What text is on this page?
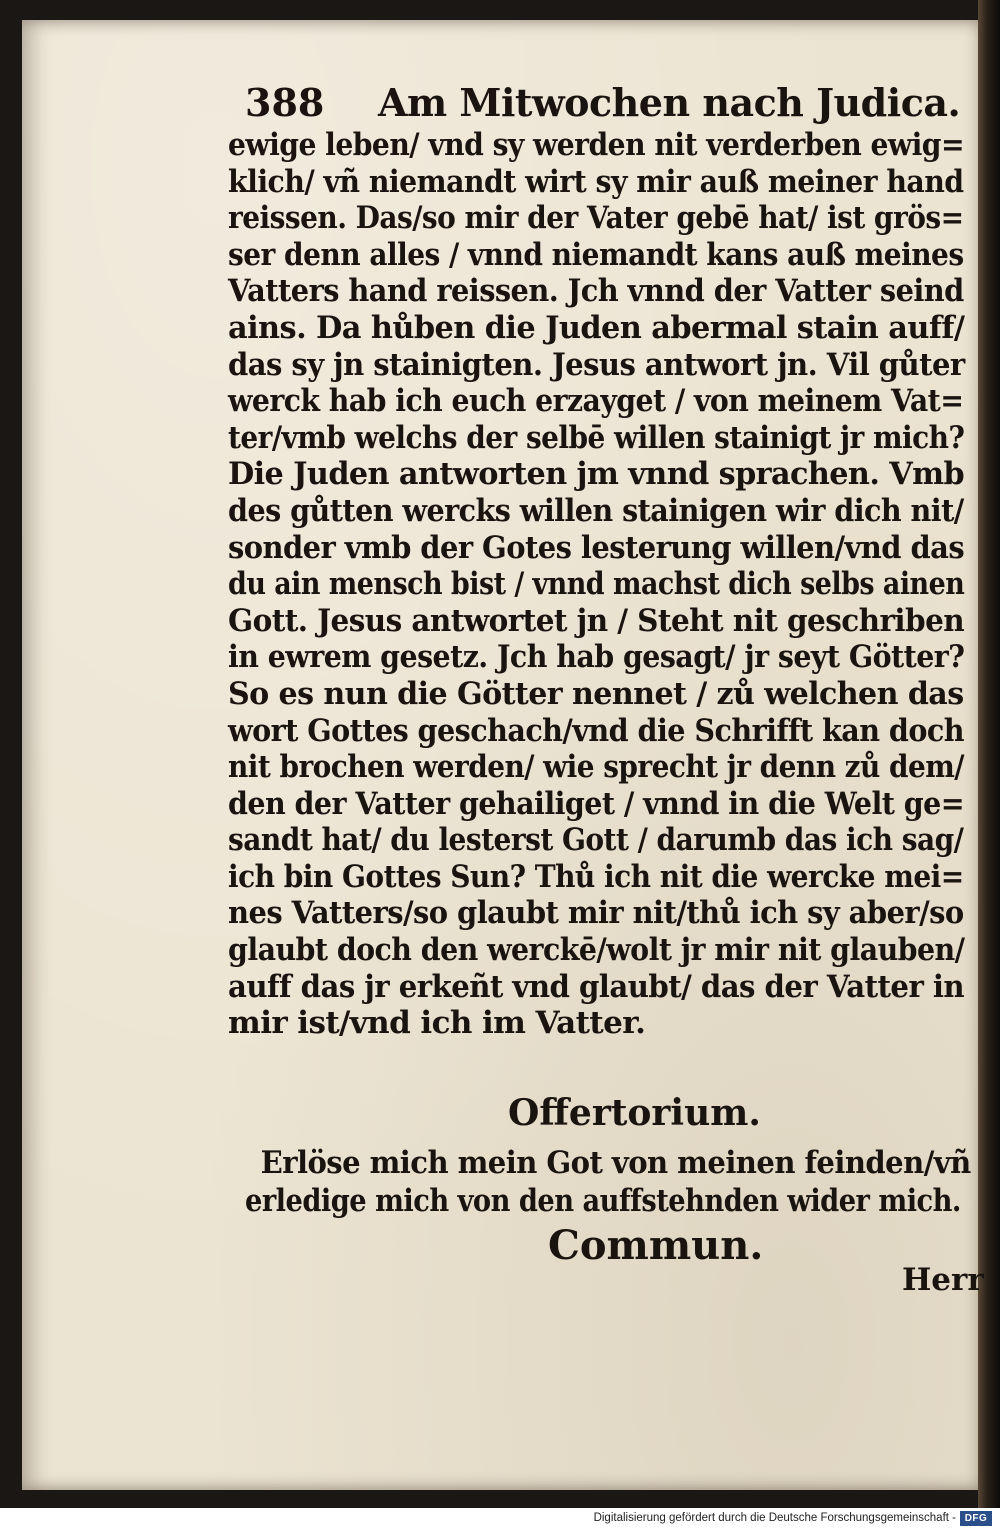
388 Am Mitwochen nach Judica.
ewige leben/ vnd sy werden nit verderben ewig=
klich/ vñ niemandt wirt sy mir auß meiner hand
reissen. Das/so mir der Vater gebē hat/ ist grös=
ser denn alles / vnnd niemandt kans auß meines
Vatters hand reissen. Jch vnnd der Vatter seind
ains. Da hůben die Juden abermal stain auff/
das sy jn stainigten. Jesus antwort jn. Vil gůter
werck hab ich euch erzayget / von meinem Vat=
ter/vmb welchs der selbē willen stainigt jr mich?
Die Juden antworten jm vnnd sprachen. Vmb
des gůtten wercks willen stainigen wir dich nit/
sonder vmb der Gotes lesterung willen/vnd das
du ain mensch bist / vnnd machst dich selbs ainen
Gott. Jesus antwortet jn / Steht nit geschriben
in ewrem gesetz. Jch hab gesagt/ jr seyt Götter?
So es nun die Götter nennet / zů welchen das
wort Gottes geschach/vnd die Schrifft kan doch
nit brochen werden/ wie sprecht jr denn zů dem/
den der Vatter gehailiget / vnnd in die Welt ge=
sandt hat/ du lesterst Gott / darumb das ich sag/
ich bin Gottes Sun? Thů ich nit die wercke mei=
nes Vatters/so glaubt mir nit/thů ich sy aber/so
glaubt doch den werckē/wolt jr mir nit glauben/
auff das jr erkeñt vnd glaubt/ das der Vatter in
mir ist/vnd ich im Vatter.
Offertorium.
Erlöse mich mein Got von meinen feinden/vñ
erledige mich von den auffstehnden wider mich.
Commun.
Herr
Digitalisierung gefördert durch die Deutsche Forschungsgemeinschaft - DFG
